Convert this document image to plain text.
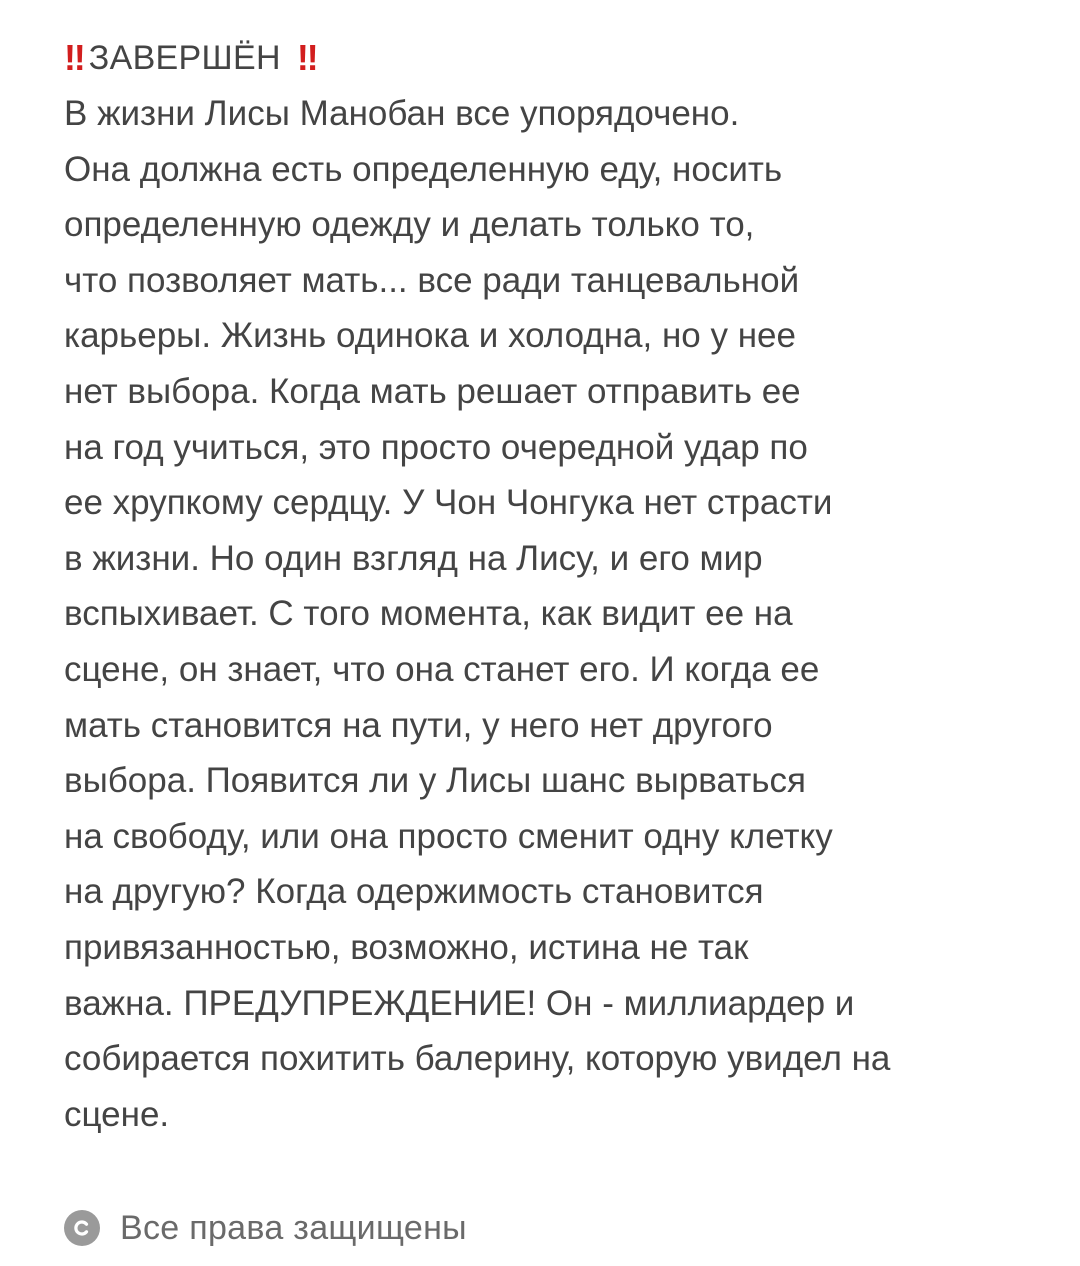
‼ ЗАВЕРШЁН ‼

В жизни Лисы Манобан все упорядочено.
Она должна есть определенную еду, носить
определенную одежду и делать только то,
что позволяет мать... все ради танцевальной
карьеры. Жизнь одинока и холодна, но у нее
нет выбора. Когда мать решает отправить ее
на год учиться, это просто очередной удар по
ее хрупкому сердцу. У Чон Чонгука нет страсти
в жизни. Но один взгляд на Лису, и его мир
вспыхивает. С того момента, как видит ее на
сцене, он знает, что она станет его. И когда ее
мать становится на пути, у него нет другого
выбора. Появится ли у Лисы шанс вырваться
на свободу, или она просто сменит одну клетку
на другую? Когда одержимость становится
привязанностью, возможно, истина не так
важна. ПРЕДУПРЕЖДЕНИЕ! Он - миллиардер и
собирается похитить балерину, которую увидел на
сцене.

Все права защищены
